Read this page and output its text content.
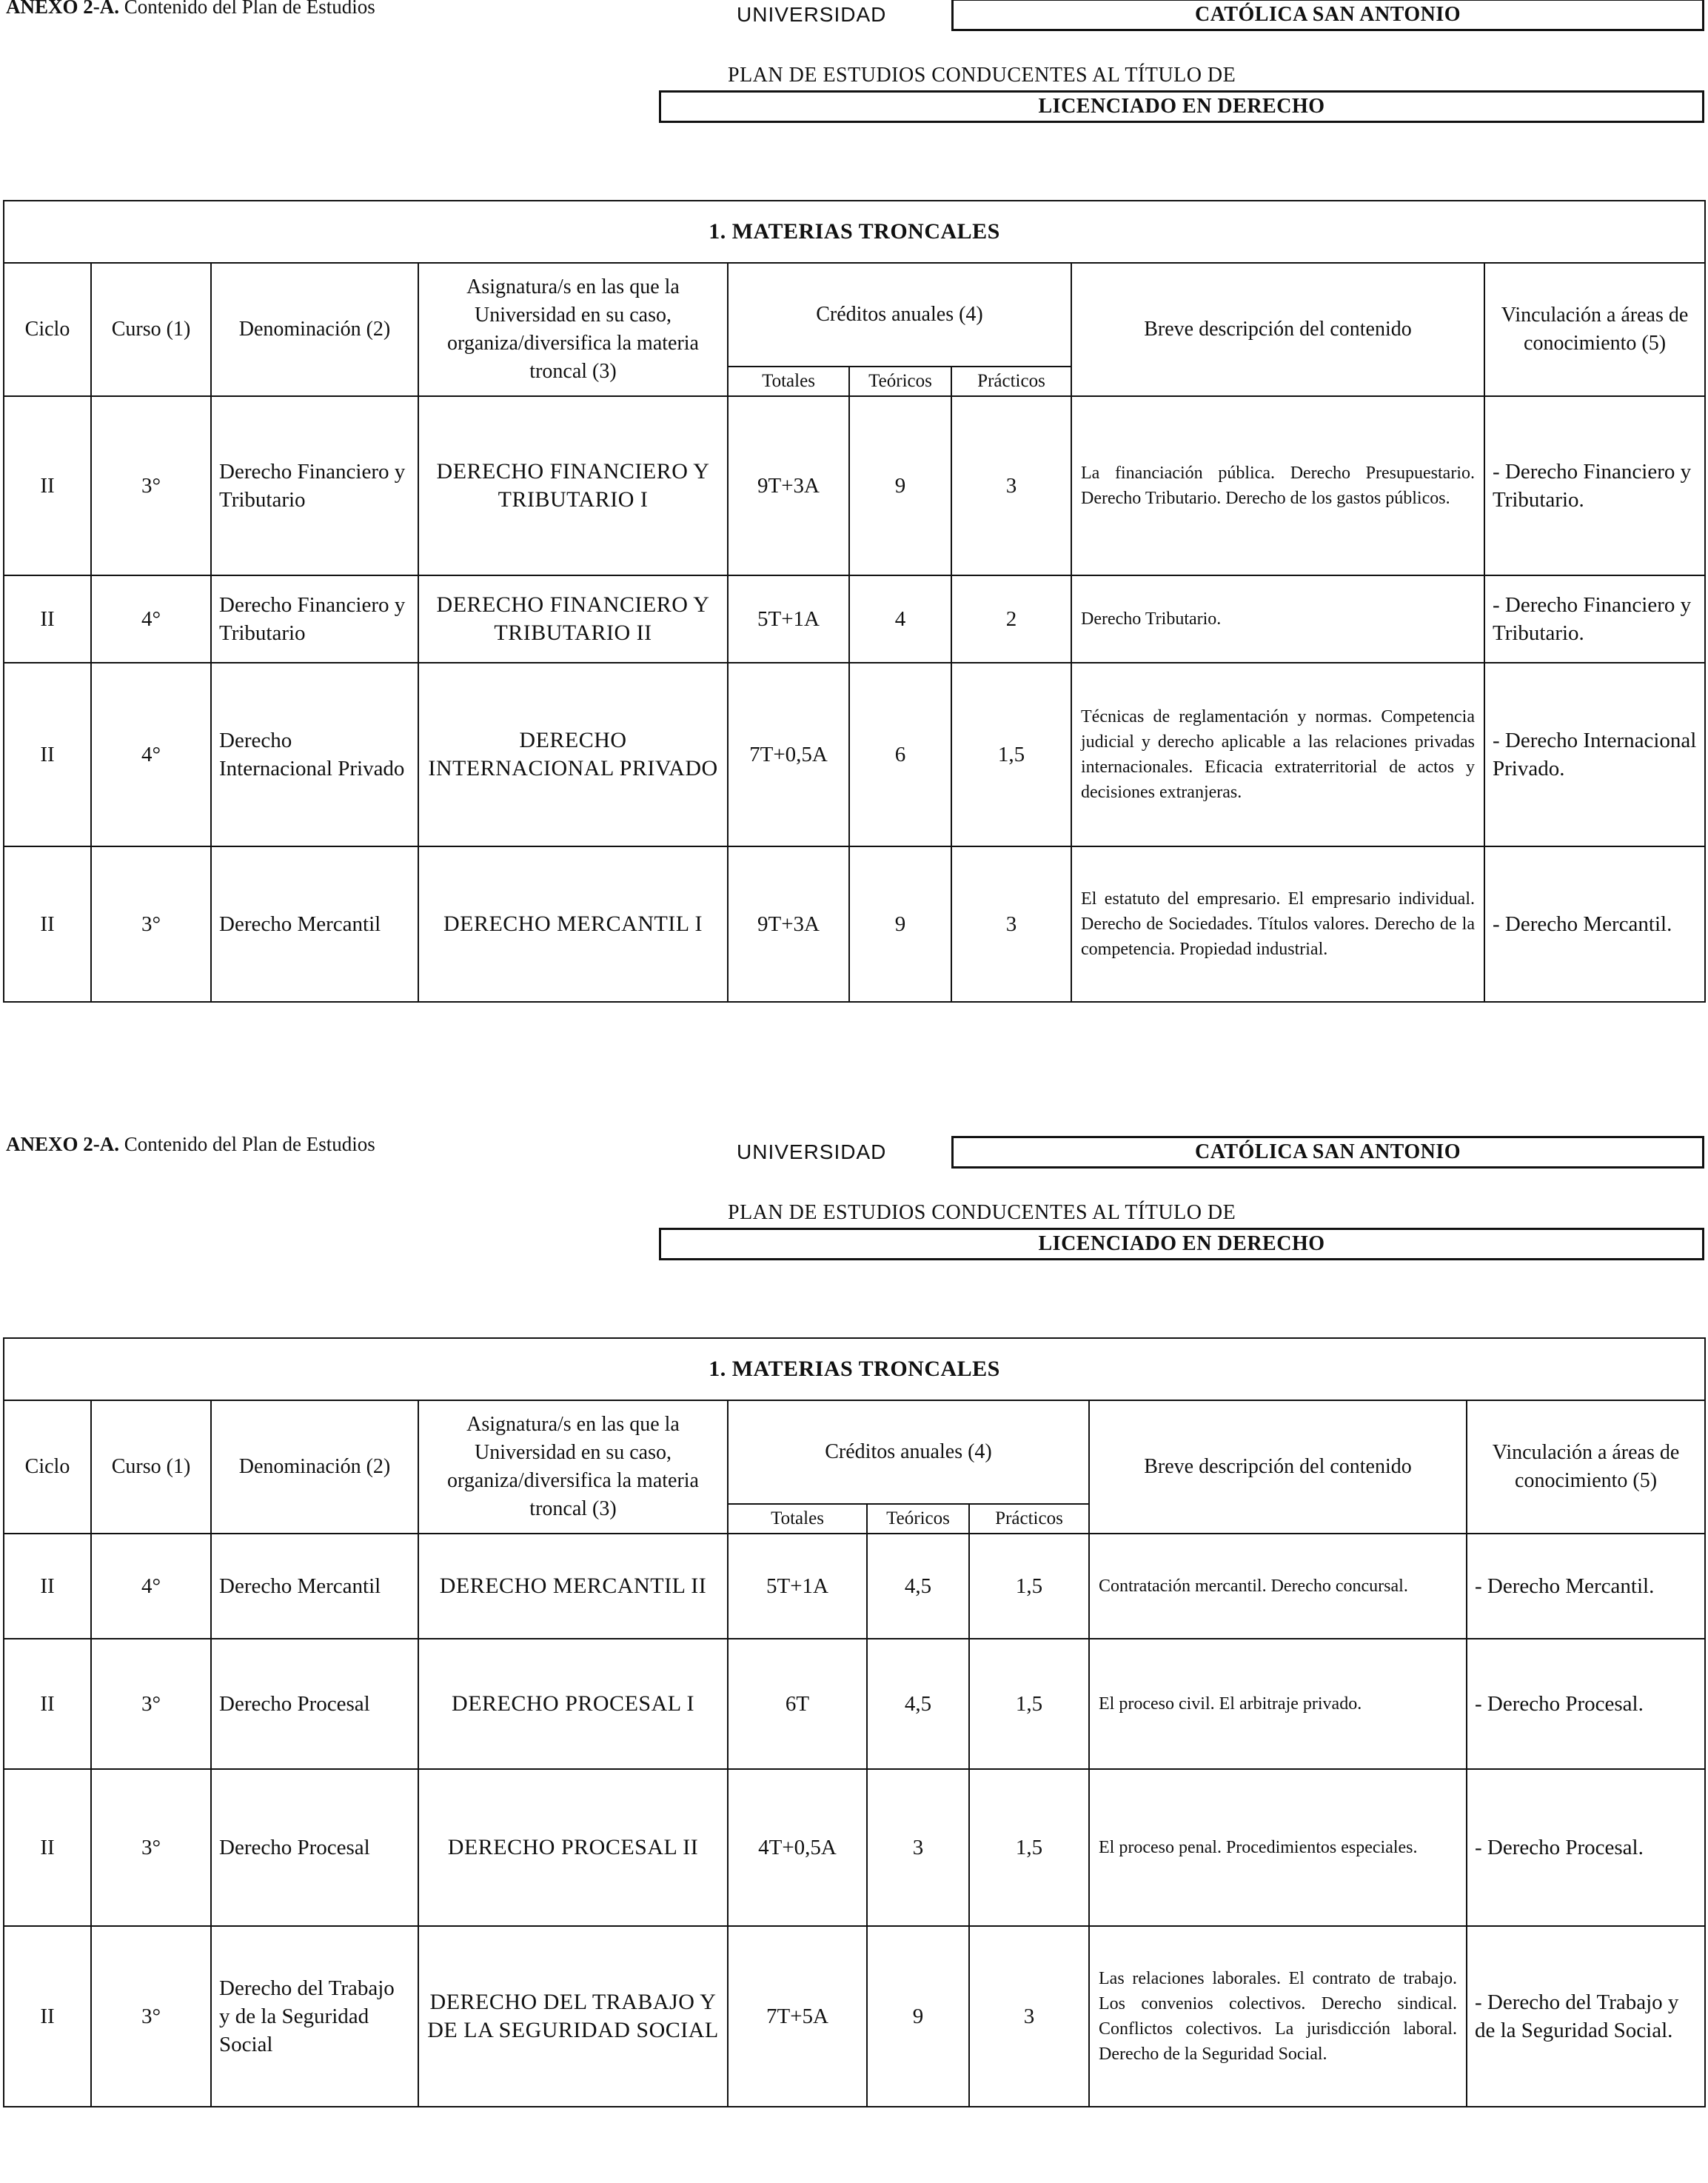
ANEXO 2-A. Contenido del Plan de Estudios	UNIVERSIDAD	CATÓLICA SAN ANTONIO
PLAN DE ESTUDIOS CONDUCENTES AL TÍTULO DE
LICENCIADO EN DERECHO
1. MATERIAS TRONCALES								
Ciclo	Curso (1)	Denominación (2)	Asignatura/s en las que la Universidad en su caso, organiza/diversifica la materia troncal (3)	Créditos anuales (4)			Breve descripción del contenido	Vinculación a áreas de conocimiento (5)
				Totales	Teóricos	Prácticos		
II	3°	Derecho Financiero y Tributario	DERECHO FINANCIERO Y TRIBUTARIO I	9T+3A	9	3	La financiación pública. Derecho Presupuestario. Derecho Tributario. Derecho de los gastos públicos.	- Derecho Financiero y Tributario.
II	4°	Derecho Financiero y Tributario	DERECHO FINANCIERO Y TRIBUTARIO II	5T+1A	4	2	Derecho Tributario.	- Derecho Financiero y Tributario.
II	4°	Derecho Internacional Privado	DERECHO INTERNACIONAL PRIVADO	7T+0,5A	6	1,5	Técnicas de reglamentación y normas. Competencia judicial y derecho aplicable a las relaciones privadas internacionales. Eficacia extraterritorial de actos y decisiones extranjeras.	- Derecho Internacional Privado.
II	3°	Derecho Mercantil	DERECHO MERCANTIL I	9T+3A	9	3	El estatuto del empresario. El empresario individual. Derecho de Sociedades. Títulos valores. Derecho de la competencia. Propiedad industrial.	- Derecho Mercantil.
ANEXO 2-A. Contenido del Plan de Estudios	UNIVERSIDAD	CATÓLICA SAN ANTONIO
PLAN DE ESTUDIOS CONDUCENTES AL TÍTULO DE
LICENCIADO EN DERECHO
1. MATERIAS TRONCALES								
Ciclo	Curso (1)	Denominación (2)	Asignatura/s en las que la Universidad en su caso, organiza/diversifica la materia troncal (3)	Créditos anuales (4)			Breve descripción del contenido	Vinculación a áreas de conocimiento (5)
				Totales	Teóricos	Prácticos		
II	4°	Derecho Mercantil	DERECHO MERCANTIL II	5T+1A	4,5	1,5	Contratación mercantil. Derecho concursal.	- Derecho Mercantil.
II	3°	Derecho Procesal	DERECHO PROCESAL I	6T	4,5	1,5	El proceso civil. El arbitraje privado.	- Derecho Procesal.
II	3°	Derecho Procesal	DERECHO PROCESAL II	4T+0,5A	3	1,5	El proceso penal. Procedimientos especiales.	- Derecho Procesal.
II	3°	Derecho del Trabajo y de la Seguridad Social	DERECHO DEL TRABAJO Y DE LA SEGURIDAD SOCIAL	7T+5A	9	3	Las relaciones laborales. El contrato de trabajo. Los convenios colectivos. Derecho sindical. Conflictos colectivos. La jurisdicción laboral. Derecho de la Seguridad Social.	- Derecho del Trabajo y de la Seguridad Social.
